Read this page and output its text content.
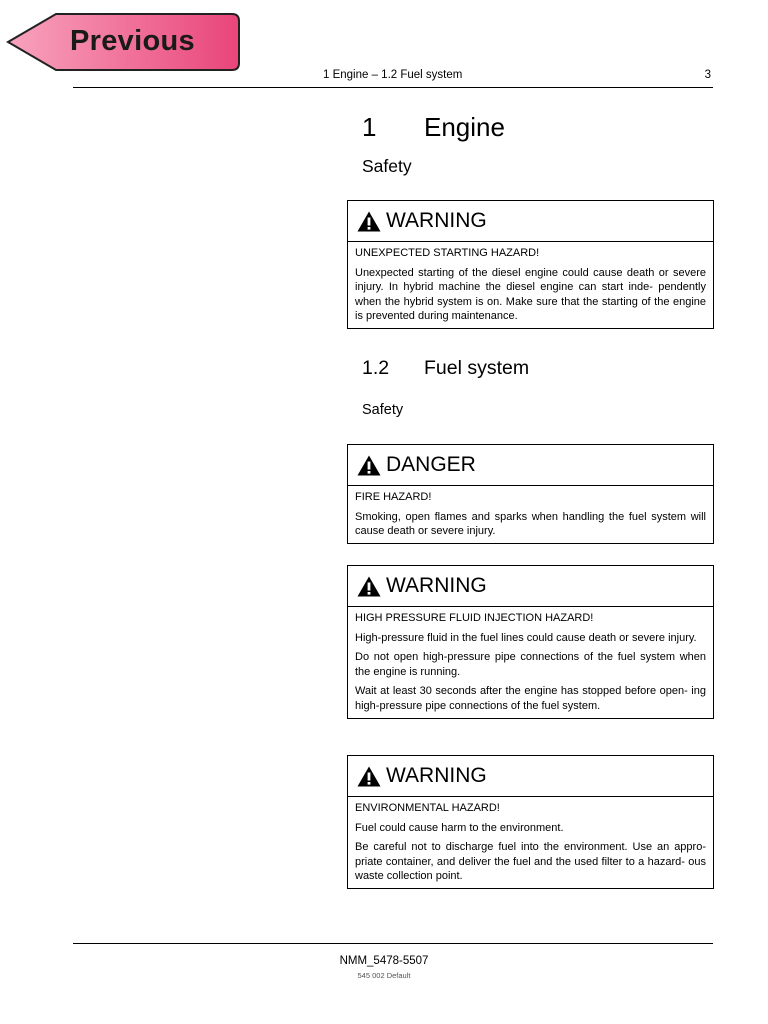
Previous
1 Engine – 1.2 Fuel system	3
1 Engine
Safety
WARNING
UNEXPECTED STARTING HAZARD!

Unexpected starting of the diesel engine could cause death or severe injury. In hybrid machine the diesel engine can start inde- pendently when the hybrid system is on. Make sure that the starting of the engine is prevented during maintenance.

1.2 Fuel system
Safety
DANGER
FIRE HAZARD!

Smoking, open flames and sparks when handling the fuel system will cause death or severe injury.

WARNING
HIGH PRESSURE FLUID INJECTION HAZARD!

High-pressure fluid in the fuel lines could cause death or severe injury.

Do not open high-pressure pipe connections of the fuel system when the engine is running.

Wait at least 30 seconds after the engine has stopped before open- ing high-pressure pipe connections of the fuel system.

WARNING
ENVIRONMENTAL HAZARD!

Fuel could cause harm to the environment.

Be careful not to discharge fuel into the environment. Use an appro- priate container, and deliver the fuel and the used filter to a hazard- ous waste collection point.

NMM_5478-5507
545 002 Default
